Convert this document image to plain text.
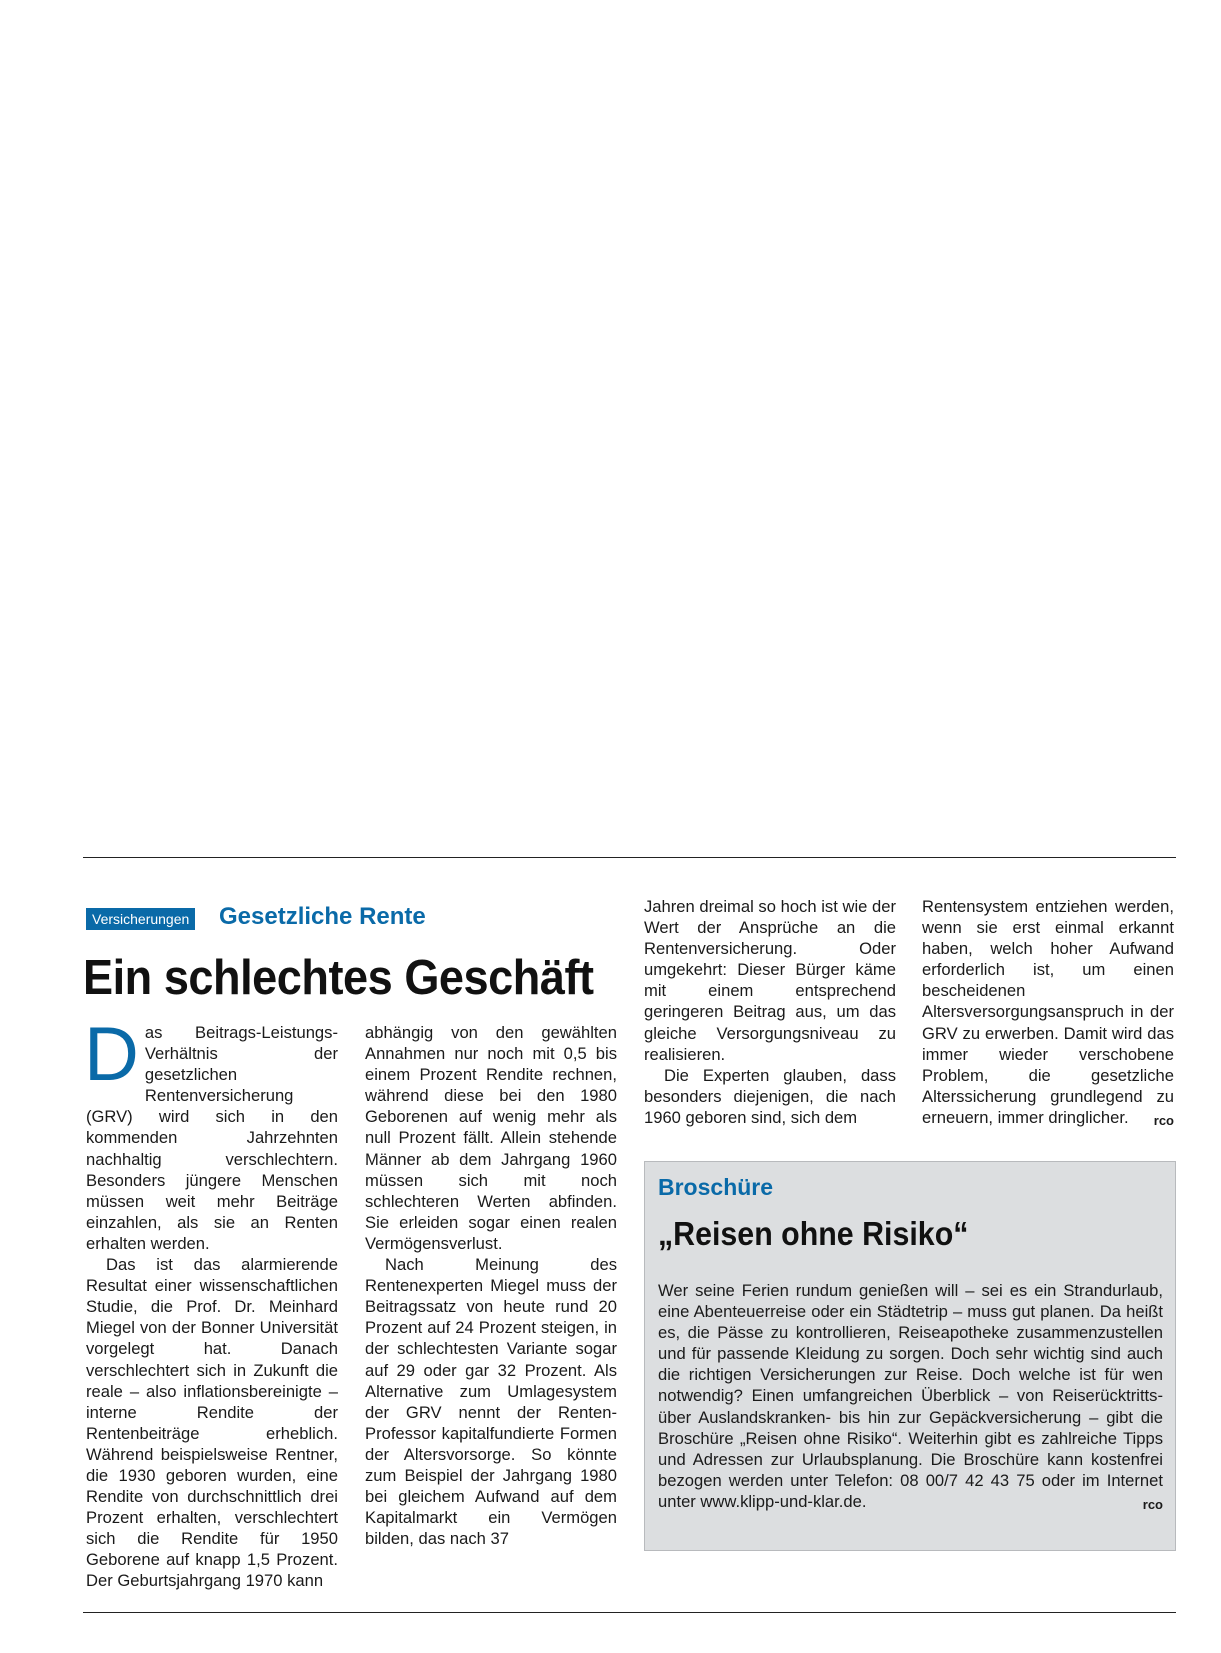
Versicherungen Gesetzliche Rente
Ein schlechtes Geschäft

Das Beitrags-Leistungs-Verhältnis der gesetzlichen Rentenversicherung (GRV) wird sich in den kommenden Jahrzehnten nachhaltig verschlechtern. Besonders jüngere Menschen müssen weit mehr Beiträge einzahlen, als sie an Renten erhalten werden.

Das ist das alarmierende Resultat einer wissenschaftlichen Studie, die Prof. Dr. Meinhard Miegel von der Bonner Universität vorgelegt hat. Danach verschlechtert sich in Zukunft die reale – also inflationsbereinigte – interne Rendite der Rentenbeiträge erheblich. Während beispielsweise Rentner, die 1930 geboren wurden, eine Rendite von durchschnittlich drei Prozent erhalten, verschlechtert sich die Rendite für 1950 Geborene auf knapp 1,5 Prozent. Der Geburtsjahrgang 1970 kann

abhängig von den gewählten Annahmen nur noch mit 0,5 bis einem Prozent Rendite rechnen, während diese bei den 1980 Geborenen auf wenig mehr als null Prozent fällt. Allein stehende Männer ab dem Jahrgang 1960 müssen sich mit noch schlechteren Werten abfinden. Sie erleiden sogar einen realen Vermögensverlust.

Nach Meinung des Rentenexperten Miegel muss der Beitragssatz von heute rund 20 Prozent auf 24 Prozent steigen, in der schlechtesten Variante sogar auf 29 oder gar 32 Prozent. Als Alternative zum Umlagesystem der GRV nennt der Renten-Professor kapitalfundierte Formen der Altersvorsorge. So könnte zum Beispiel der Jahrgang 1980 bei gleichem Aufwand auf dem Kapitalmarkt ein Vermögen bilden, das nach 37

Jahren dreimal so hoch ist wie der Wert der Ansprüche an die Rentenversicherung. Oder umgekehrt: Dieser Bürger käme mit einem entsprechend geringeren Beitrag aus, um das gleiche Versorgungsniveau zu realisieren.

Die Experten glauben, dass besonders diejenigen, die nach 1960 geboren sind, sich dem

Rentensystem entziehen werden, wenn sie erst einmal erkannt haben, welch hoher Aufwand erforderlich ist, um einen bescheidenen Altersversorgungsanspruch in der GRV zu erwerben. Damit wird das immer wieder verschobene Problem, die gesetzliche Alterssicherung grundlegend zu erneuern, immer dringlicher. rco

Broschüre
„Reisen ohne Risiko“

Wer seine Ferien rundum genießen will – sei es ein Strandurlaub, eine Abenteuerreise oder ein Städtetrip – muss gut planen. Da heißt es, die Pässe zu kontrollieren, Reiseapotheke zusammenzustellen und für passende Kleidung zu sorgen. Doch sehr wichtig sind auch die richtigen Versicherungen zur Reise. Doch welche ist für wen notwendig? Einen umfangreichen Überblick – von Reiserücktritts- über Auslandskranken- bis hin zur Gepäckversicherung – gibt die Broschüre „Reisen ohne Risiko“. Weiterhin gibt es zahlreiche Tipps und Adressen zur Urlaubsplanung. Die Broschüre kann kostenfrei bezogen werden unter Telefon: 08 00/7 42 43 75 oder im Internet unter www.klipp-und-klar.de.	rco
